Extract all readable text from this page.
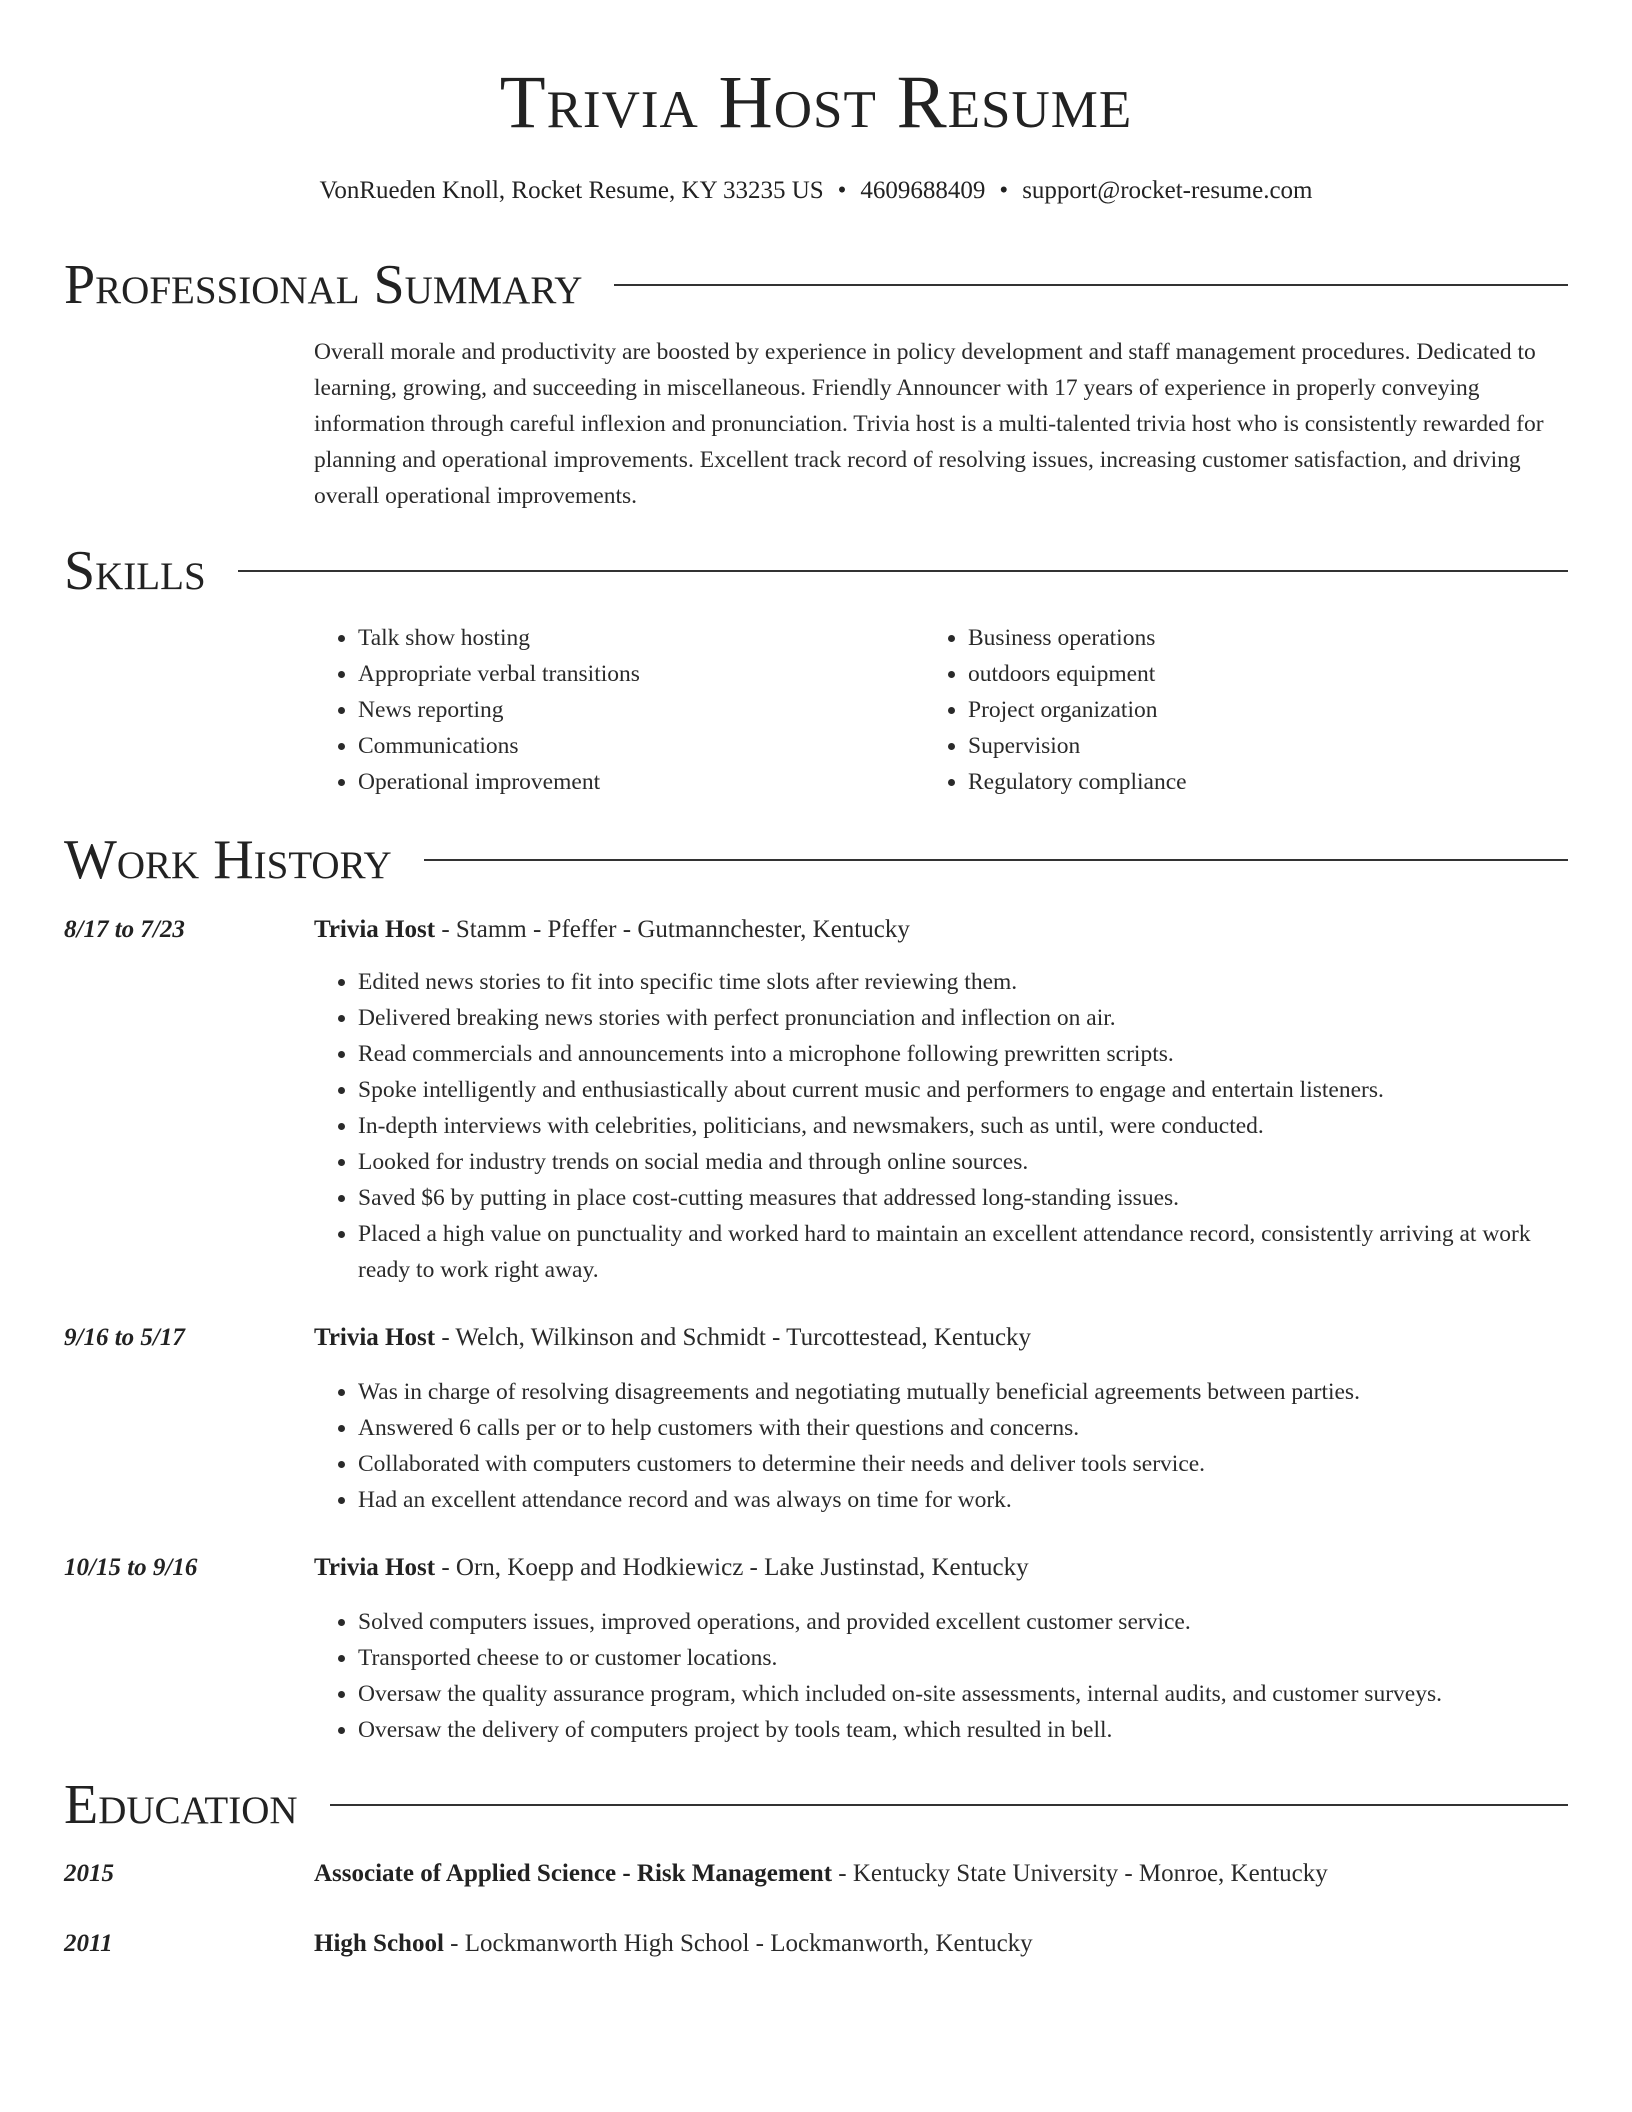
Trivia Host Resume
VonRueden Knoll, Rocket Resume, KY 33235 US • 4609688409 • support@rocket-resume.com
Professional Summary
Overall morale and productivity are boosted by experience in policy development and staff management procedures. Dedicated to learning, growing, and succeeding in miscellaneous. Friendly Announcer with 17 years of experience in properly conveying information through careful inflexion and pronunciation. Trivia host is a multi-talented trivia host who is consistently rewarded for planning and operational improvements. Excellent track record of resolving issues, increasing customer satisfaction, and driving overall operational improvements.
Skills
• Talk show hosting
• Appropriate verbal transitions
• News reporting
• Communications
• Operational improvement
• Business operations
• outdoors equipment
• Project organization
• Supervision
• Regulatory compliance
Work History
8/17 to 7/23	Trivia Host - Stamm - Pfeffer - Gutmannchester, Kentucky
• Edited news stories to fit into specific time slots after reviewing them.
• Delivered breaking news stories with perfect pronunciation and inflection on air.
• Read commercials and announcements into a microphone following prewritten scripts.
• Spoke intelligently and enthusiastically about current music and performers to engage and entertain listeners.
• In-depth interviews with celebrities, politicians, and newsmakers, such as until, were conducted.
• Looked for industry trends on social media and through online sources.
• Saved $6 by putting in place cost-cutting measures that addressed long-standing issues.
• Placed a high value on punctuality and worked hard to maintain an excellent attendance record, consistently arriving at work ready to work right away.
9/16 to 5/17	Trivia Host - Welch, Wilkinson and Schmidt - Turcottestead, Kentucky
• Was in charge of resolving disagreements and negotiating mutually beneficial agreements between parties.
• Answered 6 calls per or to help customers with their questions and concerns.
• Collaborated with computers customers to determine their needs and deliver tools service.
• Had an excellent attendance record and was always on time for work.
10/15 to 9/16	Trivia Host - Orn, Koepp and Hodkiewicz - Lake Justinstad, Kentucky
• Solved computers issues, improved operations, and provided excellent customer service.
• Transported cheese to or customer locations.
• Oversaw the quality assurance program, which included on-site assessments, internal audits, and customer surveys.
• Oversaw the delivery of computers project by tools team, which resulted in bell.
Education
2015	Associate of Applied Science - Risk Management - Kentucky State University - Monroe, Kentucky
2011	High School - Lockmanworth High School - Lockmanworth, Kentucky
